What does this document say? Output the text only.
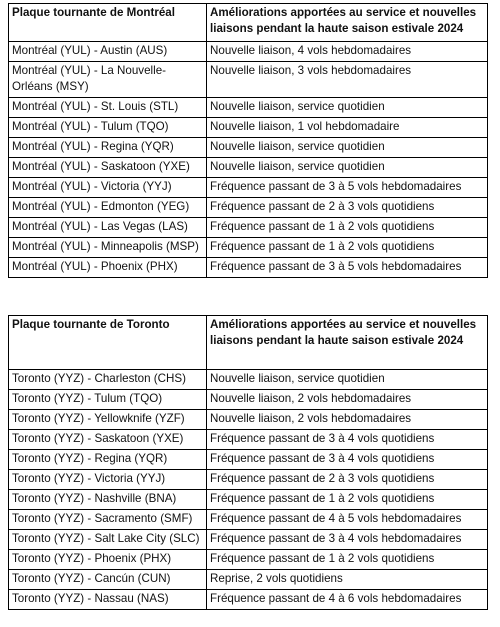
Plaque tournante de Montréal	Améliorations apportées au service et nouvelles liaisons pendant la haute saison estivale 2024
Montréal (YUL) - Austin (AUS)	Nouvelle liaison, 4 vols hebdomadaires
Montréal (YUL) - La Nouvelle-Orléans (MSY)	Nouvelle liaison, 3 vols hebdomadaires
Montréal (YUL) - St. Louis (STL)	Nouvelle liaison, service quotidien
Montréal (YUL) - Tulum (TQO)	Nouvelle liaison, 1 vol hebdomadaire
Montréal (YUL) - Regina (YQR)	Nouvelle liaison, service quotidien
Montréal (YUL) - Saskatoon (YXE)	Nouvelle liaison, service quotidien
Montréal (YUL) - Victoria (YYJ)	Fréquence passant de 3 à 5 vols hebdomadaires
Montréal (YUL) - Edmonton (YEG)	Fréquence passant de 2 à 3 vols quotidiens
Montréal (YUL) - Las Vegas (LAS)	Fréquence passant de 1 à 2 vols quotidiens
Montréal (YUL) - Minneapolis (MSP)	Fréquence passant de 1 à 2 vols quotidiens
Montréal (YUL) - Phoenix (PHX)	Fréquence passant de 3 à 5 vols hebdomadaires
Plaque tournante de Toronto	Améliorations apportées au service et nouvelles liaisons pendant la haute saison estivale 2024
Toronto (YYZ) - Charleston (CHS)	Nouvelle liaison, service quotidien
Toronto (YYZ) - Tulum (TQO)	Nouvelle liaison, 2 vols hebdomadaires
Toronto (YYZ) - Yellowknife (YZF)	Nouvelle liaison, 2 vols hebdomadaires
Toronto (YYZ) - Saskatoon (YXE)	Fréquence passant de 3 à 4 vols quotidiens
Toronto (YYZ) - Regina (YQR)	Fréquence passant de 3 à 4 vols quotidiens
Toronto (YYZ) - Victoria (YYJ)	Fréquence passant de 2 à 3 vols quotidiens
Toronto (YYZ) - Nashville (BNA)	Fréquence passant de 1 à 2 vols quotidiens
Toronto (YYZ) - Sacramento (SMF)	Fréquence passant de 4 à 5 vols hebdomadaires
Toronto (YYZ) - Salt Lake City (SLC)	Fréquence passant de 3 à 4 vols hebdomadaires
Toronto (YYZ) - Phoenix (PHX)	Fréquence passant de 1 à 2 vols quotidiens
Toronto (YYZ) - Cancún (CUN)	Reprise, 2 vols quotidiens
Toronto (YYZ) - Nassau (NAS)	Fréquence passant de 4 à 6 vols hebdomadaires
